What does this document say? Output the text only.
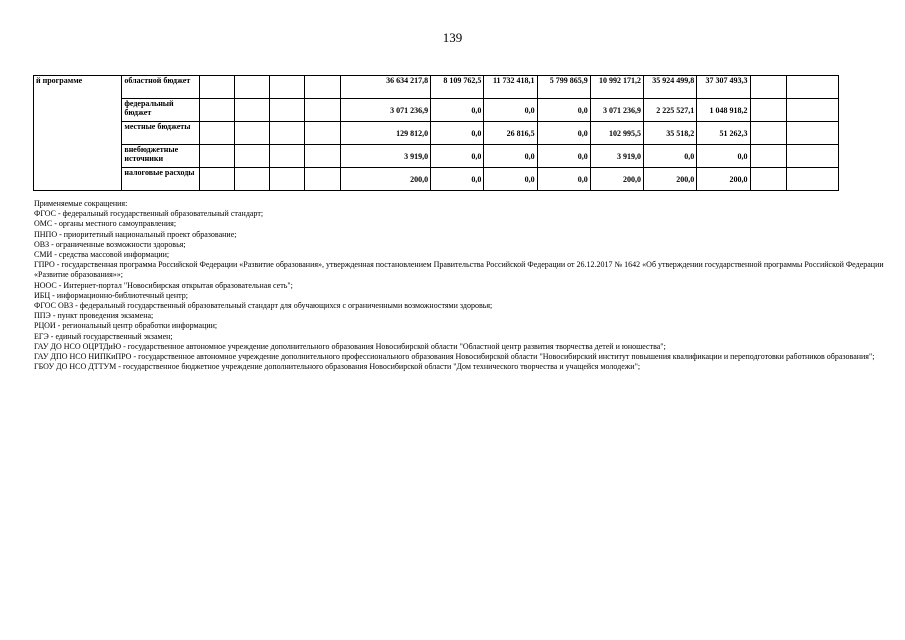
139
й программе	областной бюджет					36 634 217,8	8 109 762,5	11 732 418,1	5 799 865,9	10 992 171,2	35 924 499,8	37 307 493,3		
	федеральный бюджет					3 071 236,9	0,0	0,0	0,0	3 071 236,9	2 225 527,1	1 048 918,2		
	местные бюджеты					129 812,0	0,0	26 816,5	0,0	102 995,5	35 518,2	51 262,3		
	внебюджетные источники					3 919,0	0,0	0,0	0,0	3 919,0	0,0	0,0		
	налоговые расходы					200,0	0,0	0,0	0,0	200,0	200,0	200,0		

Применяемые сокращения:

ФГОС - федеральный государственный образовательный стандарт;

ОМС - органы местного самоуправления;

ПНПО - приоритетный национальный проект образование;

ОВЗ - ограниченные возможности здоровья;

СМИ - средства массовой информации;

ГПРО - государственная программа Российской Федерации «Развитие образования», утвержденная постановлением Правительства Российской Федерации от 26.12.2017 № 1642 «Об утверждении государственной программы Российской Федерации «Развитие образования»»;

НООС - Интернет-портал "Новосибирская открытая образовательная сеть";

ИБЦ - информационно-библиотечный центр;

ФГОС ОВЗ - федеральный государственный образовательный стандарт для обучающихся с ограниченными возможностями здоровья;

ППЭ - пункт проведения экзамена;

РЦОИ - региональный центр обработки информации;

ЕГЭ - единый государственный экзамен;

ГАУ ДО НСО ОЦРТДиЮ - государственное автономное учреждение дополнительного образования Новосибирской области "Областной центр развития творчества детей и юношества";

ГАУ ДПО НСО НИПКиПРО - государственное автономное учреждение дополнительного профессионального образования Новосибирской области "Новосибирский институт повышения квалификации и переподготовки работников образования";

ГБОУ ДО НСО ДТТУМ - государственное бюджетное учреждение дополнительного образования Новосибирской области "Дом технического творчества и учащейся молодежи";
